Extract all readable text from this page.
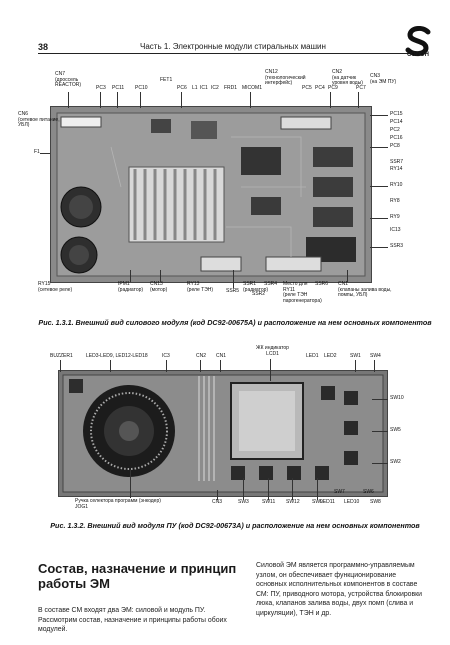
38	Часть 1. Электронные модули стиральных машин
СОЛОН
CN7
(дроссель
REACTOR)	PC3 PC11 PC10
FET1
PC6 L1 IC1 IC2 FRD1 MICOM1
CN12
(технологический
интерфейс)
PC5 PC4 PC9
CN2
(на датчик
уровня воды)
PC7
CN3
(на ЭМ ПУ)
CN6
(сетевое питание,
УБЛ)
F1
PC15
PC14
PC2
PC16
PC8
SSR7
RY14
RY10
RY8
RY9
IC13
SSR3
RY15
(сетевое реле)
IPM1
(радиатор)
CN13
(мотор)
RY13
(реле ТЭН)	SSR5
SSR1
(радиатор)
SSR2
SSR4 Место для
RY11
(реле ТЭН
парогенератора)
SSR6 CN1
(клапаны залива воды,
помпы, УБЛ)
Рис. 1.3.1. Внешний вид силового модуля (код DC92-00675A) и расположение на нем основных компонентов
BUZZER1	LED3-LED9, LED12-LED18	IC3	CN2 CN1
ЖК индикатор
LCD1	LED1 LED2	SW1 SW4
SW10
SW5
SW2
Ручка селектора программ (энкодер)
JOG1
CN3	SW3	SW11 SW12 SW9
SW7	SW6
LED11 LED10 SW8
Рис. 1.3.2. Внешний вид модуля ПУ (код DC92-00673A) и расположение на нем основных компонентов
Состав, назначение и принцип работы ЭМ
В составе СМ входят два ЭМ: силовой и модуль ПУ. Рассмотрим состав, назначение и принципы работы обоих модулей.
Силовой ЭМ является программно-управляемым узлом, он обеспечивает функционирование основных исполнительных компонентов в составе СМ: ПУ, приводного мотора, устройства блокировки люка, клапанов залива воды, двух помп (слива и циркуляции), ТЭН и др.
